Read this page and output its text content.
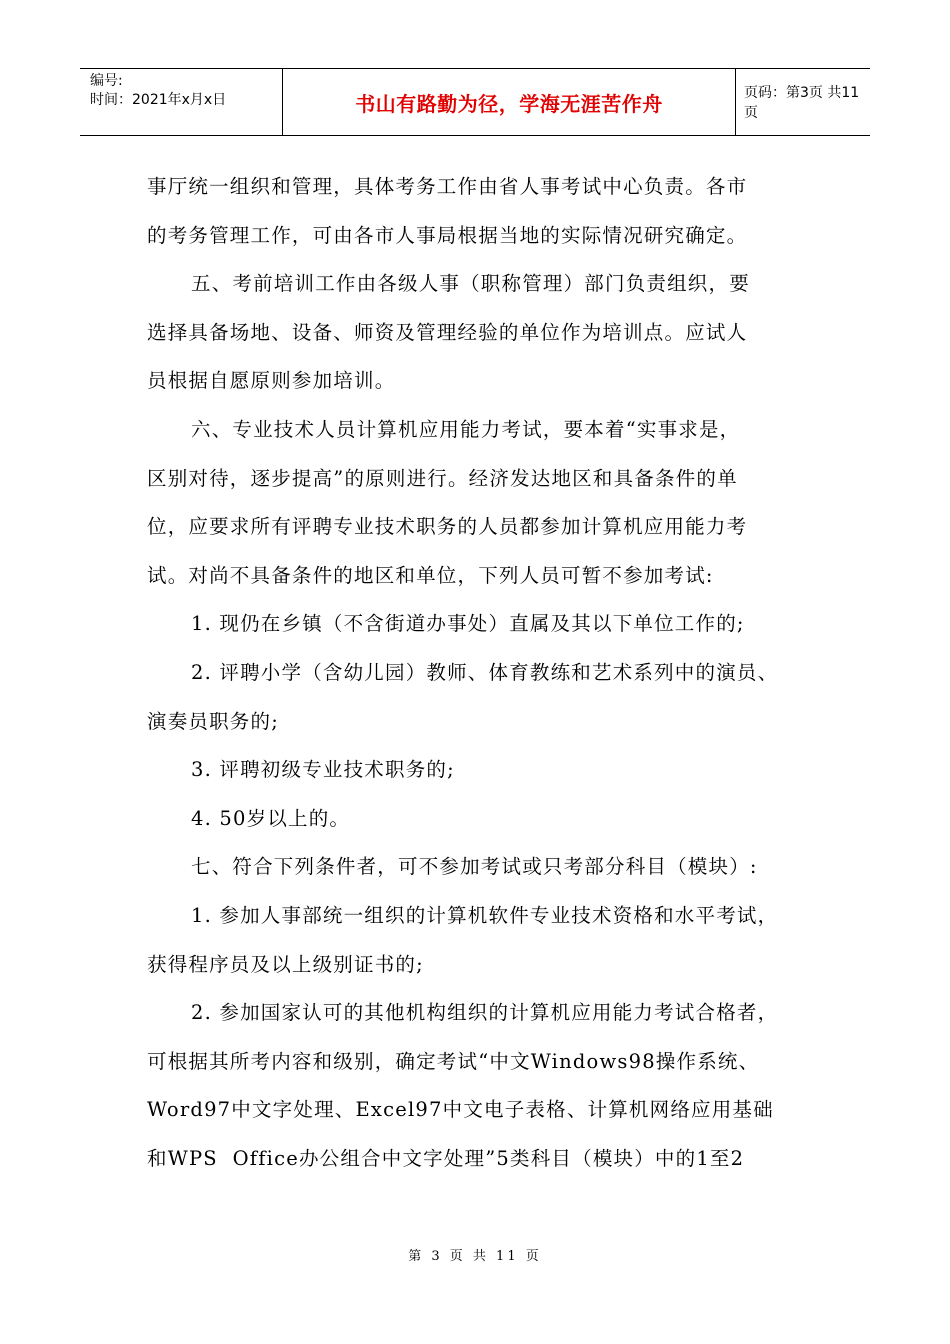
编号:
时间：2021年x月x日	书山有路勤为径，学海无涯苦作舟	页码：第3页 共11页

事厅统一组织和管理，具体考务工作由省人事考试中心负责。各市

的考务管理工作，可由各市人事局根据当地的实际情况研究确定。

五、考前培训工作由各级人事（职称管理）部门负责组织，要

选择具备场地、设备、师资及管理经验的单位作为培训点。应试人

员根据自愿原则参加培训。

六、专业技术人员计算机应用能力考试，要本着“实事求是，

区别对待，逐步提高”的原则进行。经济发达地区和具备条件的单

位，应要求所有评聘专业技术职务的人员都参加计算机应用能力考

试。对尚不具备条件的地区和单位，下列人员可暂不参加考试:

1. 现仍在乡镇（不含街道办事处）直属及其以下单位工作的;

2. 评聘小学（含幼儿园）教师、体育教练和艺术系列中的演员、

演奏员职务的;

3. 评聘初级专业技术职务的;

4. 50岁以上的。

七、符合下列条件者，可不参加考试或只考部分科目（模块）:

1. 参加人事部统一组织的计算机软件专业技术资格和水平考试，

获得程序员及以上级别证书的;

2. 参加国家认可的其他机构组织的计算机应用能力考试合格者，

可根据其所考内容和级别，确定考试“中文Windows98操作系统、

Word97中文字处理、Excel97中文电子表格、计算机网络应用基础

和WPS  Office办公组合中文字处理”5类科目（模块）中的1至2

第 3 页 共 11 页
